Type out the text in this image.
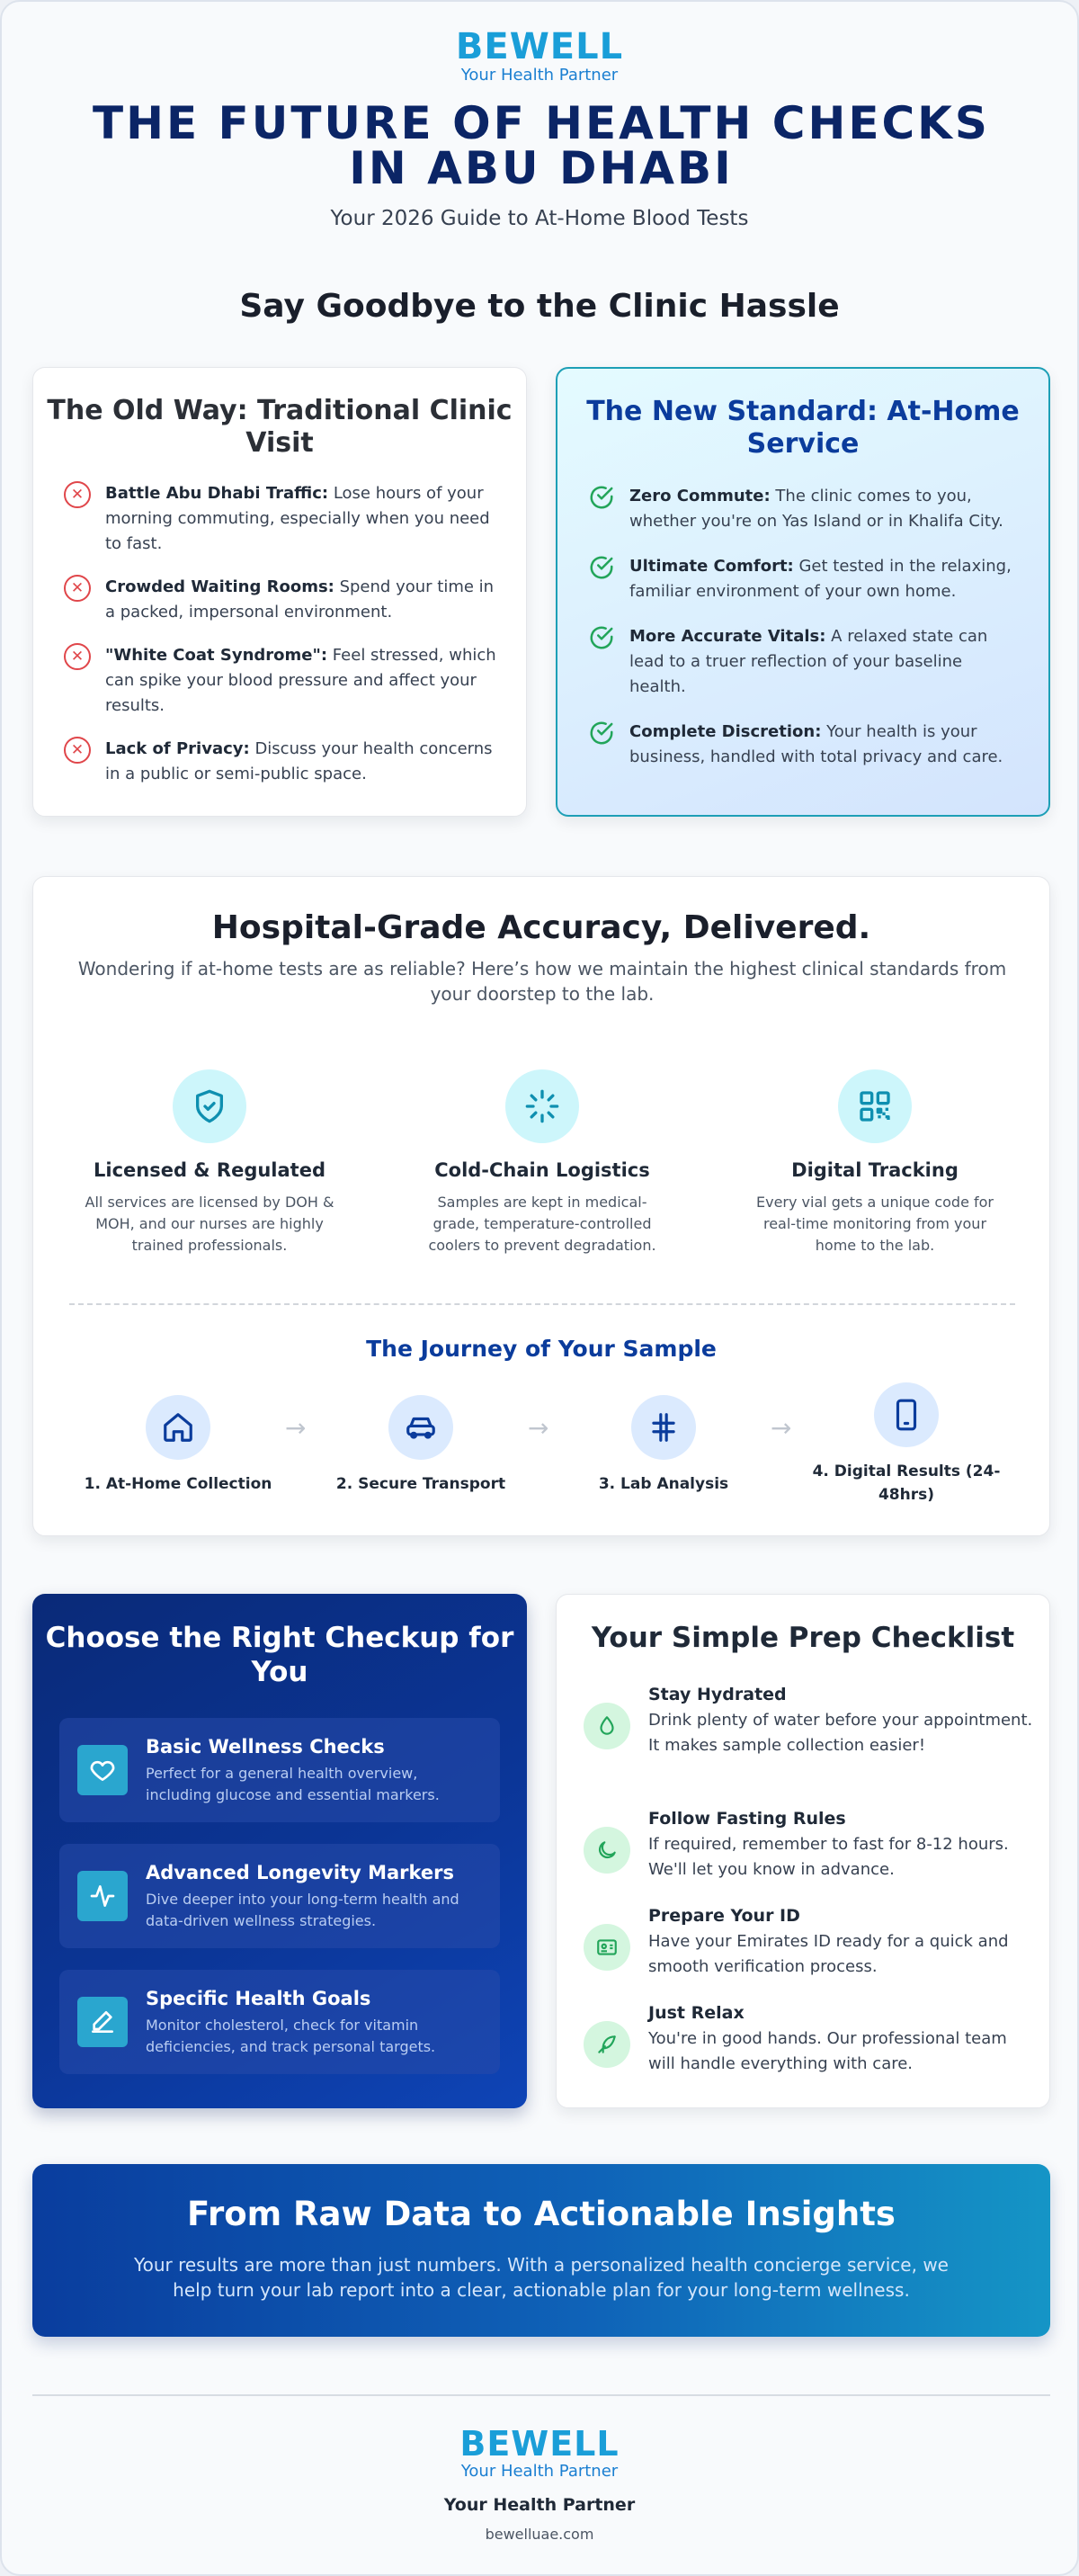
BEWELL
Your Health Partner
THE FUTURE OF HEALTH CHECKS IN ABU DHABI
Your 2026 Guide to At-Home Blood Tests
Say Goodbye to the Clinic Hassle
The Old Way: Traditional Clinic Visit
✕	Battle Abu Dhabi Traffic: Lose hours of your morning commuting, especially when you need to fast.
✕	Crowded Waiting Rooms: Spend your time in a packed, impersonal environment.
✕	"White Coat Syndrome": Feel stressed, which can spike your blood pressure and affect your results.
✕	Lack of Privacy: Discuss your health concerns in a public or semi-public space.
The New Standard: At-Home Service
Zero Commute: The clinic comes to you, whether you're on Yas Island or in Khalifa City.
Ultimate Comfort: Get tested in the relaxing, familiar environment of your own home.
More Accurate Vitals: A relaxed state can lead to a truer reflection of your baseline health.
Complete Discretion: Your health is your business, handled with total privacy and care.
Hospital-Grade Accuracy, Delivered.
Wondering if at-home tests are as reliable? Here’s how we maintain the highest clinical standards from your doorstep to the lab.
Licensed & Regulated
All services are licensed by DOH & MOH, and our nurses are highly trained professionals.
Cold-Chain Logistics
Samples are kept in medical-grade, temperature-controlled coolers to prevent degradation.
Digital Tracking
Every vial gets a unique code for real-time monitoring from your home to the lab.
The Journey of Your Sample
1. At-Home Collection
→
2. Secure Transport
→
3. Lab Analysis
→
4. Digital Results (24-48hrs)
Choose the Right Checkup for You
Basic Wellness Checks
Perfect for a general health overview, including glucose and essential markers.
Advanced Longevity Markers
Dive deeper into your long-term health and data-driven wellness strategies.
Specific Health Goals
Monitor cholesterol, check for vitamin deficiencies, and track personal targets.
Your Simple Prep Checklist
Stay Hydrated
Drink plenty of water before your appointment. It makes sample collection easier!
Follow Fasting Rules
If required, remember to fast for 8-12 hours. We'll let you know in advance.
Prepare Your ID
Have your Emirates ID ready for a quick and smooth verification process.
Just Relax
You're in good hands. Our professional team will handle everything with care.
From Raw Data to Actionable Insights
Your results are more than just numbers. With a personalized health concierge service, we help turn your lab report into a clear, actionable plan for your long-term wellness.
BEWELL
Your Health Partner
Your Health Partner
bewelluae.com
